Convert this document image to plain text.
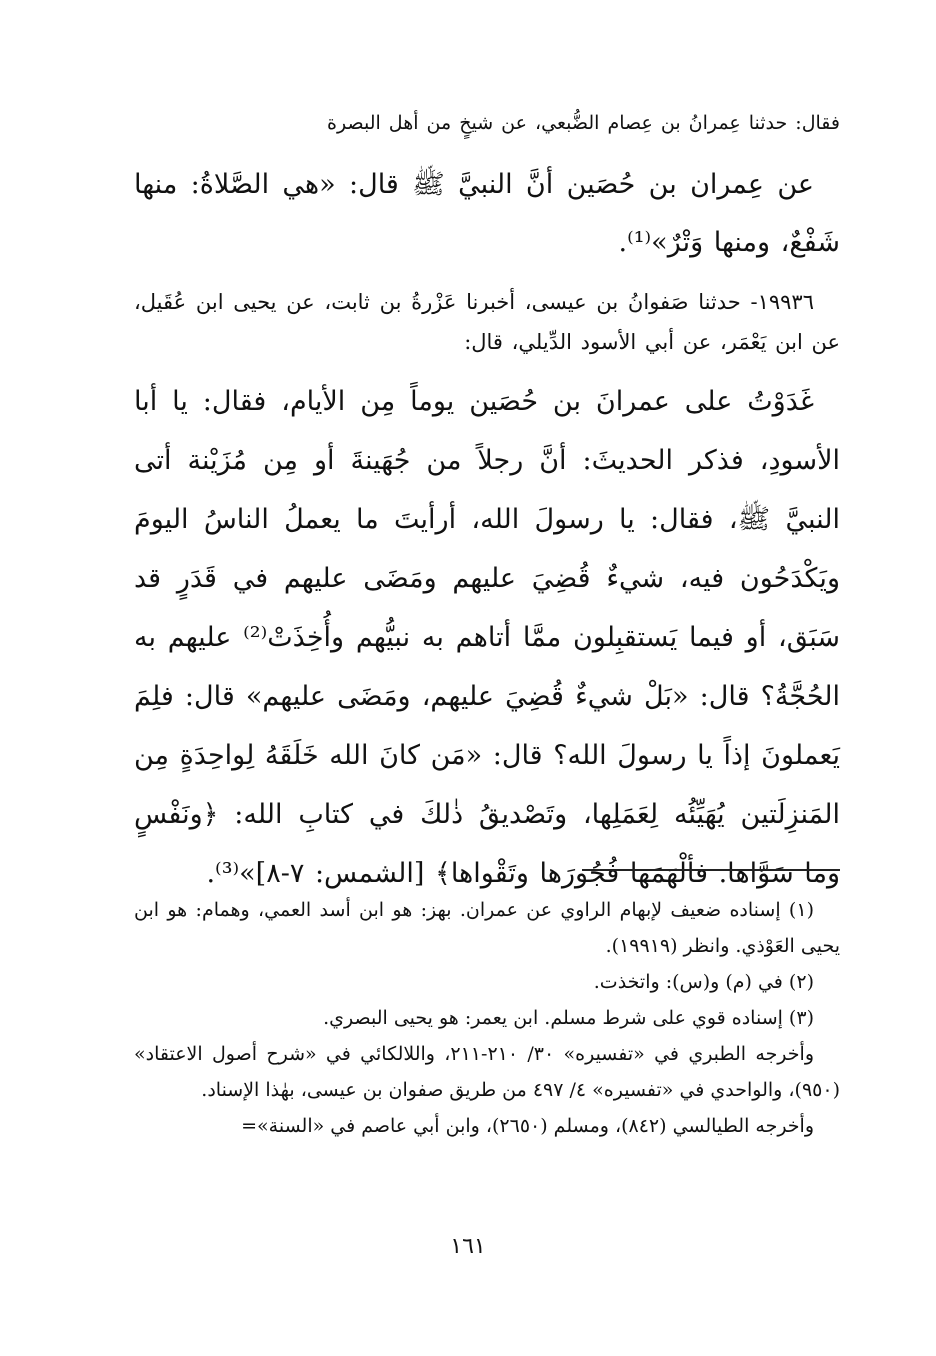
فقال: حدثنا عِمرانُ بن عِصام الضُّبعي، عن شيخٍ من أهل البصرة

عن عِمران بن حُصَين أنَّ النبيَّ ﷺ قال: «هي الصَّلاةُ: منها شَفْعٌ، ومنها وَتْرٌ»⁽¹⁾.

١٩٩٣٦- حدثنا صَفوانُ بن عيسى، أخبرنا عَزْرةُ بن ثابت، عن يحيى ابن عُقَيل، عن ابن يَعْمَر، عن أبي الأسود الدِّيلي، قال:

غَدَوْتُ على عمرانَ بن حُصَين يوماً مِن الأيام، فقال: يا أبا الأسودِ، فذكر الحديثَ: أنَّ رجلاً من جُهَينةَ أو مِن مُزَيْنة أتى النبيَّ ﷺ، فقال: يا رسولَ الله، أرأيتَ ما يعملُ الناسُ اليومَ ويَكْدَحُون فيه، شيءٌ قُضِيَ عليهم ومَضَى عليهم في قَدَرٍ قد سَبَق، أو فيما يَستقبِلون ممَّا أتاهم به نبيُّهم وأُخِذَتْ⁽²⁾ عليهم به الحُجَّةُ؟ قال: «بَلْ شيءٌ قُضِيَ عليهم، ومَضَى عليهم» قال: فلِمَ يَعملونَ إذاً يا رسولَ الله؟ قال: «مَن كانَ الله خَلَقَهُ لِواحِدَةٍ مِن المَنزِلَتين يُهَيِّئُه لِعَمَلِها، وتَصْديقُ ذٰلكَ في كتابِ الله: ﴿ونَفْسٍ وما سَوَّاها. فألْهَمَها فُجُورَها وتَقْواها﴾ [الشمس: ٧-٨]»⁽³⁾.

(١) إسناده ضعيف لإبهام الراوي عن عمران. بهز: هو ابن أسد العمي، وهمام: هو ابن يحيى العَوْذي. وانظر (١٩٩١٩).

(٢) في (م) و(س): واتخذت.

(٣) إسناده قوي على شرط مسلم. ابن يعمر: هو يحيى البصري.

وأخرجه الطبري في «تفسيره» ٣٠/ ٢١٠-٢١١، واللالكائي في «شرح أصول الاعتقاد» (٩٥٠)، والواحدي في «تفسيره» ٤/ ٤٩٧ من طريق صفوان بن عيسى، بهٰذا الإسناد.

وأخرجه الطيالسي (٨٤٢)، ومسلم (٢٦٥٠)، وابن أبي عاصم في «السنة»=

١٦١
